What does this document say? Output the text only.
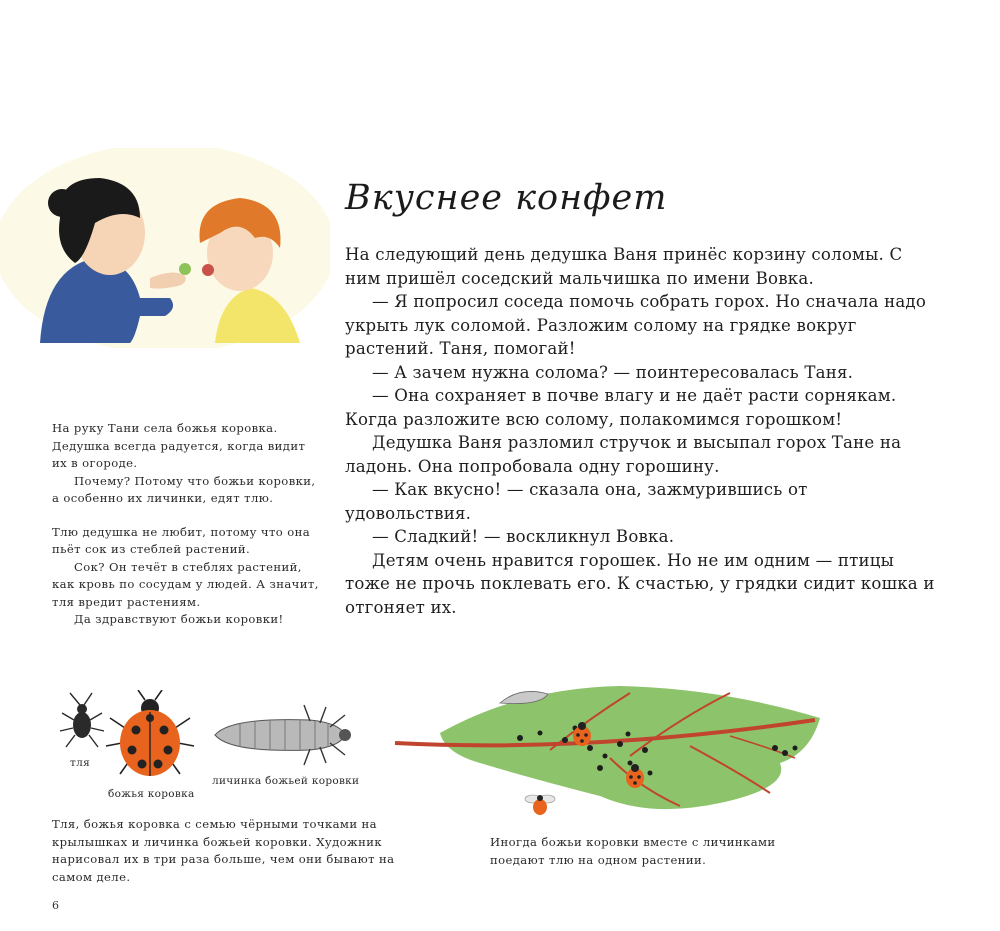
Вкуснее конфет

На следующий день дедушка Ваня принёс корзину соломы. С ним пришёл соседский мальчишка по имени Вовка.

— Я попросил соседа помочь собрать горох. Но сначала надо укрыть лук соломой. Разложим солому на грядке вокруг растений. Таня, помогай!

— А зачем нужна солома? — поинтересовалась Таня.

— Она сохраняет в почве влагу и не даёт расти сорнякам. Когда разложите всю солому, полакомимся горошком!

Дедушка Ваня разломил стручок и высыпал горох Тане на ладонь. Она попробовала одну горошину.

— Как вкусно! — сказала она, зажмурившись от удовольствия.

— Сладкий! — воскликнул Вовка.

Детям очень нравится горошек. Но не им одним — птицы тоже не прочь поклевать его. К счастью, у грядки сидит кошка и отгоняет их.

На руку Тани села божья коровка. Дедушка всегда радуется, когда видит их в огороде.

Почему? Потому что божьи коровки, а особенно их личинки, едят тлю.

Тлю дедушка не любит, потому что она пьёт сок из стеблей растений.

Сок? Он течёт в стеблях растений, как кровь по сосудам у людей. А значит, тля вредит растениям.

Да здравствуют божьи коровки!

тля
божья коровка
личинка божьей коровки
Тля, божья коровка с семью чёрными точками на крылышках и личинка божьей коровки. Художник нарисовал их в три раза больше, чем они бывают на самом деле.
Иногда божьи коровки вместе с личинками поедают тлю на одном растении.
6
